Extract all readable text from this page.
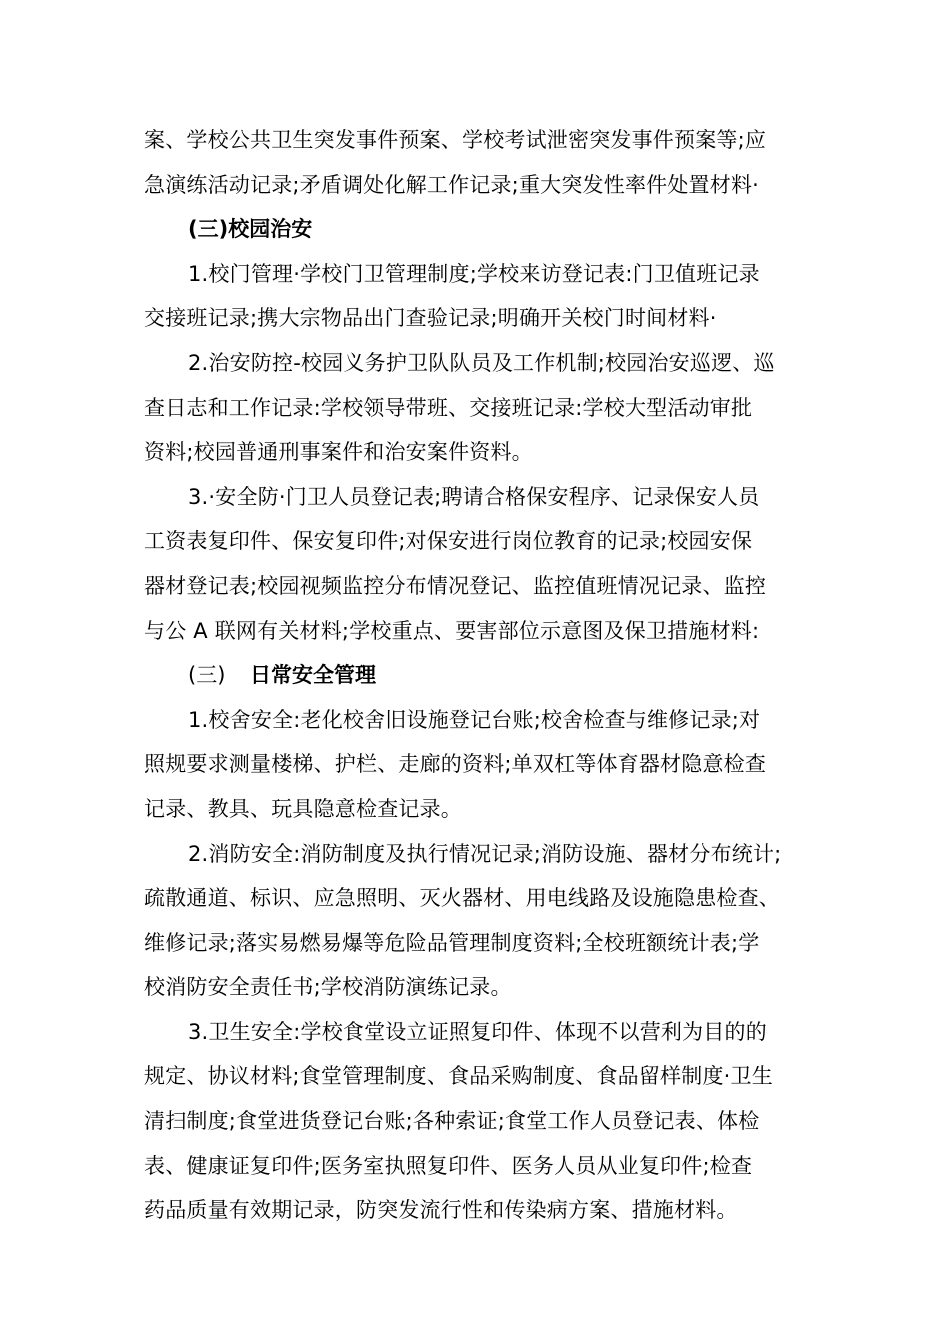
案、学校公共卫生突发事件预案、学校考试泄密突发事件预案等;应
急演练活动记录;矛盾调处化解工作记录;重大突发性率件处置材料·

(三)校园治安

1.校门管理·学校门卫管理制度;学校来访登记表:门卫值班记录
交接班记录;携大宗物品出门查验记录;明确开关校门时间材料·

2.治安防控-校园义务护卫队队员及工作机制;校园治安巡逻、巡
查日志和工作记录:学校领导带班、交接班记录:学校大型活动审批
资料;校园普通刑事案件和治安案件资料。

3.·安全防·门卫人员登记表;聘请合格保安程序、记录保安人员
工资表复印件、保安复印件;对保安进行岗位教育的记录;校园安保
器材登记表;校园视频监控分布情况登记、监控值班情况记录、监控
与公 A 联网有关材料;学校重点、要害部位示意图及保卫措施材料:

(三) 日常安全管理

1.校舍安全:老化校舍旧设施登记台账;校舍检查与维修记录;对
照规要求测量楼梯、护栏、走廊的资料;单双杠等体育器材隐意检查
记录、教具、玩具隐意检查记录。

2.消防安全:消防制度及执行情况记录;消防设施、器材分布统计;
疏散通道、标识、应急照明、灭火器材、用电线路及设施隐患检查、
维修记录;落实易燃易爆等危险品管理制度资料;全校班额统计表;学
校消防安全责任书;学校消防演练记录。

3.卫生安全:学校食堂设立证照复印件、体现不以营利为目的的
规定、协议材料;食堂管理制度、食品采购制度、食品留样制度·卫生
清扫制度;食堂进货登记台账;各种索证;食堂工作人员登记表、体检
表、健康证复印件;医务室执照复印件、医务人员从业复印件;检查
药品质量有效期记录，防突发流行性和传染病方案、措施材料。
